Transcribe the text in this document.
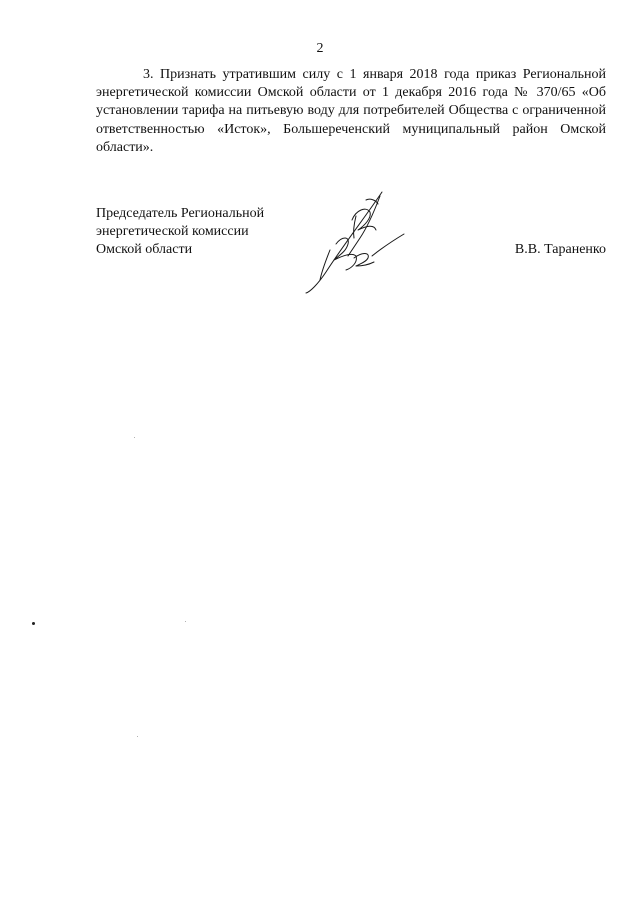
2

3. Признать утратившим силу с 1 января 2018 года приказ Региональной энергетической комиссии Омской области от 1 декабря 2016 года № 370/65 «Об установлении тарифа на питьевую воду для потребителей Общества с ограниченной ответственностью «Исток», Большереченский муниципальный район Омской области».

Председатель Региональной
энергетической комиссии
Омской области	В.В. Тараненко
